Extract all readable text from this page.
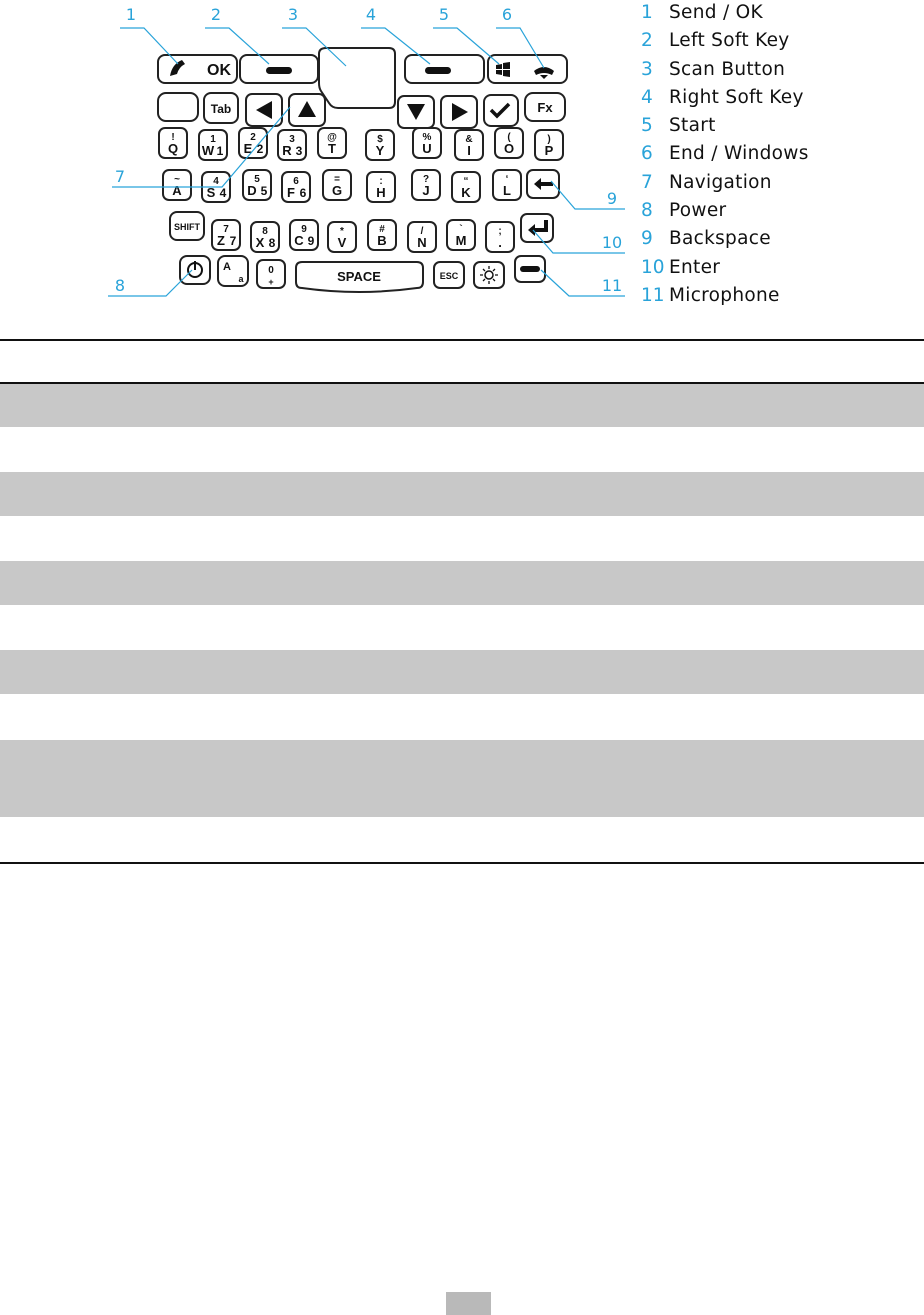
OK
Tab	Fx
!
Q
1
W 1
2
E 2
3
R 3
@
T
$
Y
%
U
&
I
(
O
)
P
~
A
4
S 4
5
D 5
6
F 6
=
G
:
H
?
J
“
K
‘
L
7
Z 7
8
X 8
9
C 9
*
V
#
B
/
N
`
M
;
.
SHIFT
A
a
0
+	SPACE	ESC
1	2	3	4	5	6
7
8
9
10
11
1 Send / OK
2 Left Soft Key
3 Scan Button
4 Right Soft Key
5 Start
6 End / Windows
7 Navigation
8 Power
9 Backspace
10 Enter
11 Microphone
